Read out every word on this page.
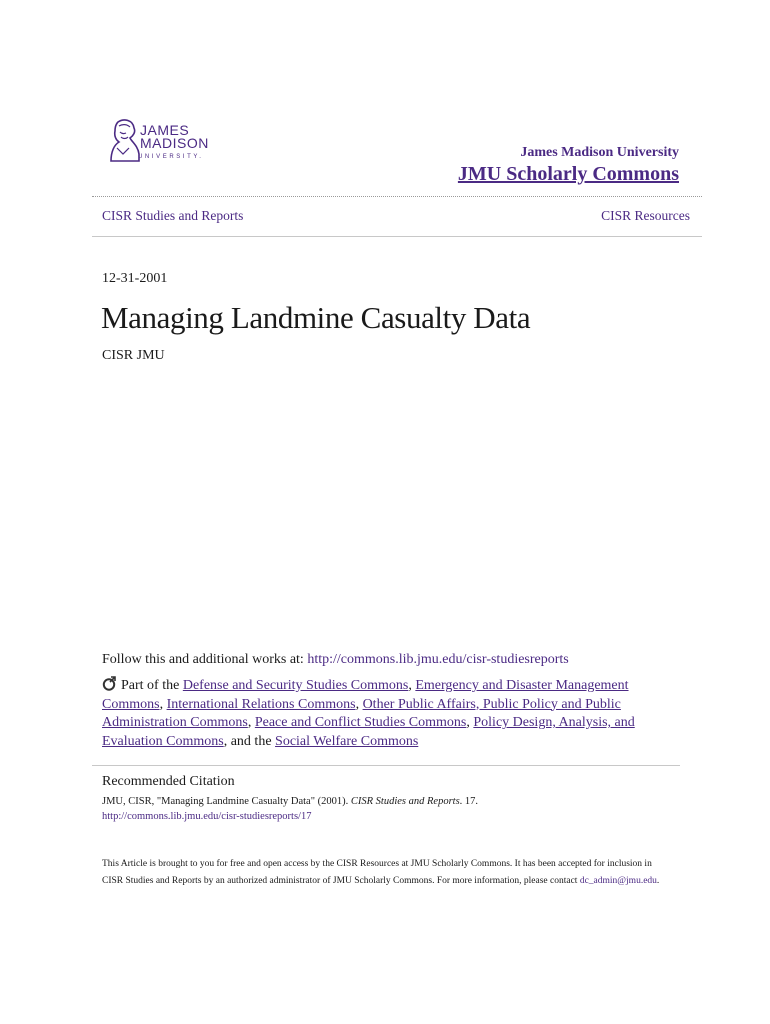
JAMES
MADISON
UNIVERSITY.	James Madison University
JMU Scholarly Commons
CISR Studies and Reports	CISR Resources
12-31-2001
Managing Landmine Casualty Data
CISR JMU
Follow this and additional works at: http://commons.lib.jmu.edu/cisr-studiesreports
Part of the Defense and Security Studies Commons, Emergency and Disaster Management Commons, International Relations Commons, Other Public Affairs, Public Policy and Public Administration Commons, Peace and Conflict Studies Commons, Policy Design, Analysis, and Evaluation Commons, and the Social Welfare Commons
Recommended Citation
JMU, CISR, "Managing Landmine Casualty Data" (2001). CISR Studies and Reports. 17.
http://commons.lib.jmu.edu/cisr-studiesreports/17
This Article is brought to you for free and open access by the CISR Resources at JMU Scholarly Commons. It has been accepted for inclusion in CISR Studies and Reports by an authorized administrator of JMU Scholarly Commons. For more information, please contact dc_admin@jmu.edu.
